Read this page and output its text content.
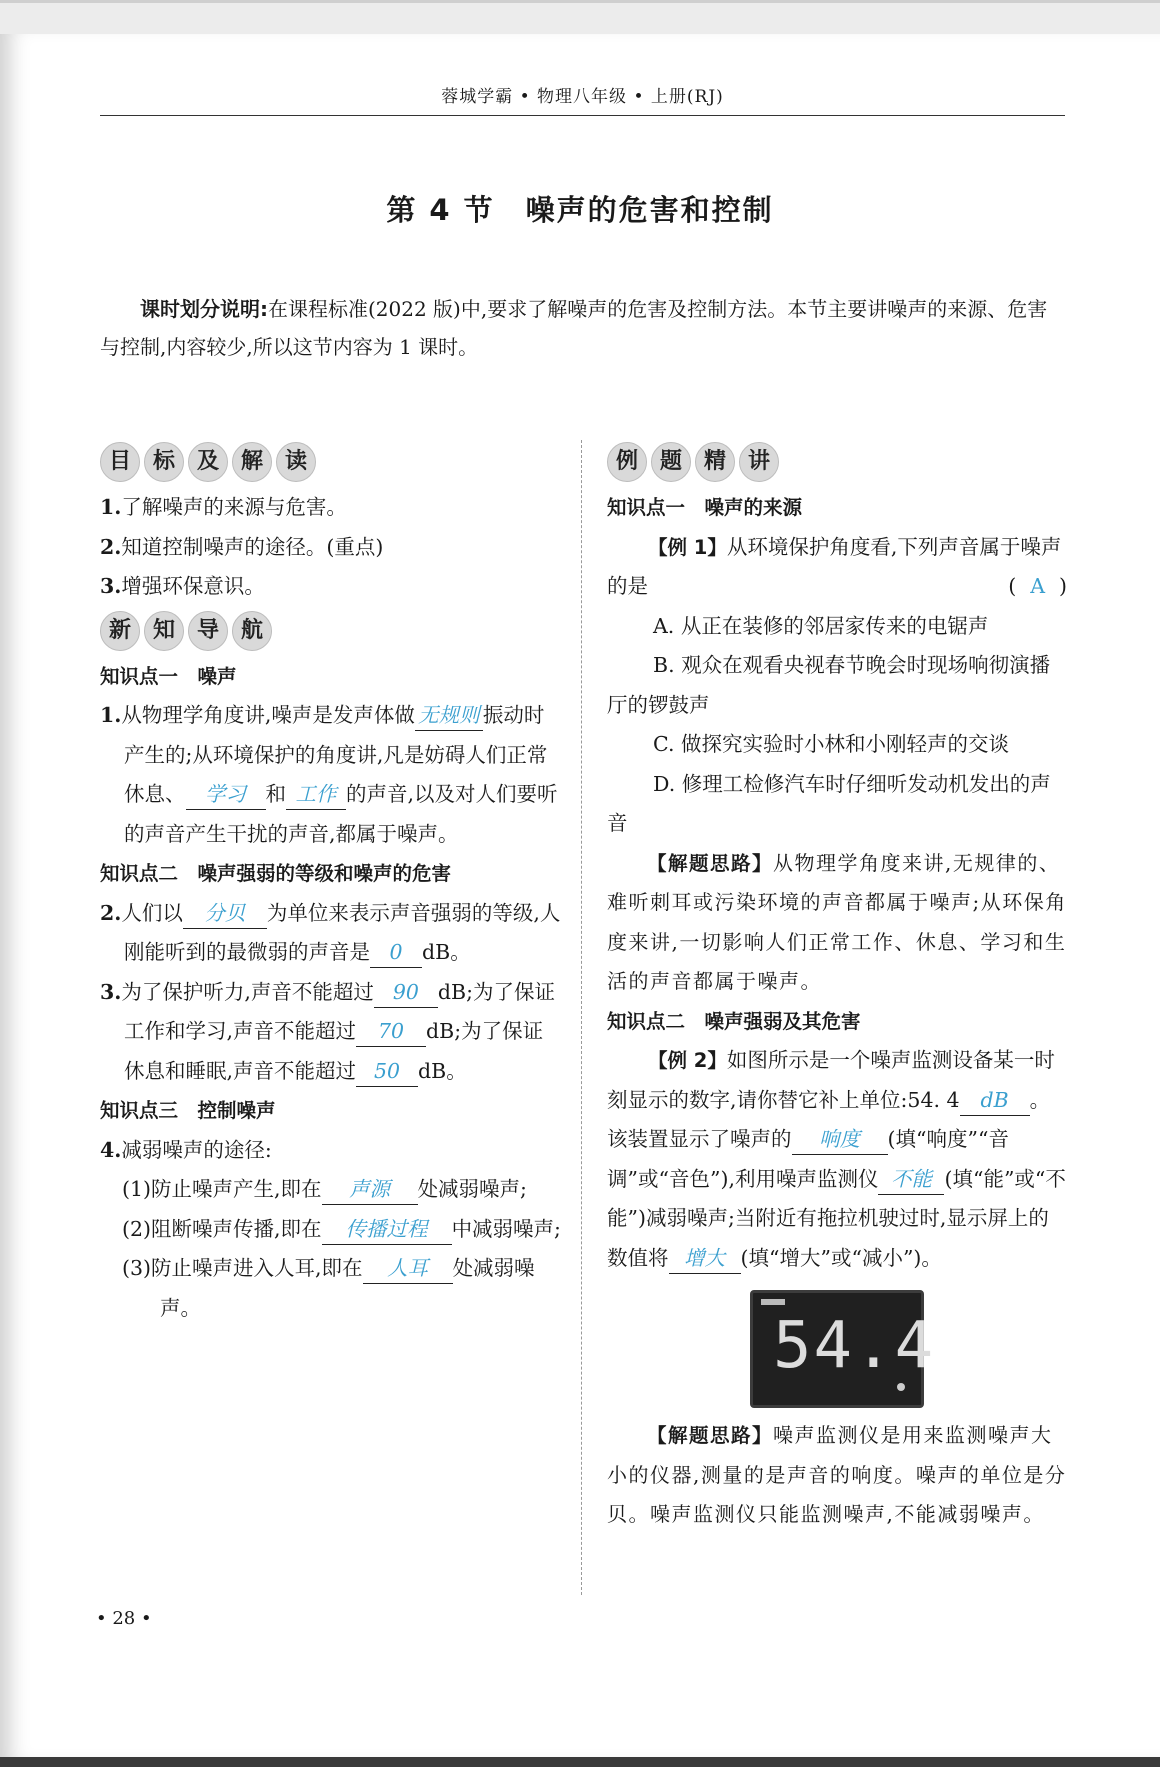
蓉城学霸 • 物理八年级 • 上册(RJ)
第 4 节　噪声的危害和控制
课时划分说明:在课程标准(2022 版)中,要求了解噪声的危害及控制方法。本节主要讲噪声的来源、危害与控制,内容较少,所以这节内容为 1 课时。
目 标 及 解 读
1.了解噪声的来源与危害。
2.知道控制噪声的途径。(重点)
3.增强环保意识。
新 知 导 航
知识点一　噪声
1.从物理学角度讲,噪声是发声体做 无规则 振动时产生的;从环境保护的角度讲,凡是妨碍人们正常休息、 学习 和 工作 的声音,以及对人们要听的声音产生干扰的声音,都属于噪声。
知识点二　噪声强弱的等级和噪声的危害
2.人们以 分贝 为单位来表示声音强弱的等级,人刚能听到的最微弱的声音是 0 dB。
3.为了保护听力,声音不能超过 90 dB;为了保证工作和学习,声音不能超过 70 dB;为了保证休息和睡眠,声音不能超过 50 dB。
知识点三　控制噪声
4.减弱噪声的途径:
(1)防止噪声产生,即在 声源 处减弱噪声;
(2)阻断噪声传播,即在 传播过程 中减弱噪声;
(3)防止噪声进入人耳,即在 人耳 处减弱噪声。
例 题 精 讲
知识点一　噪声的来源
【例 1】从环境保护角度看,下列声音属于噪声的是	( A )
A. 从正在装修的邻居家传来的电锯声
B. 观众在观看央视春节晚会时现场响彻演播厅的锣鼓声
C. 做探究实验时小林和小刚轻声的交谈
D. 修理工检修汽车时仔细听发动机发出的声音
【解题思路】从物理学角度来讲,无规律的、难听刺耳或污染环境的声音都属于噪声;从环保角度来讲,一切影响人们正常工作、休息、学习和生活的声音都属于噪声。
知识点二　噪声强弱及其危害
【例 2】如图所示是一个噪声监测设备某一时刻显示的数字,请你替它补上单位:54. 4 dB 。该装置显示了噪声的 响度 (填“响度”“音调”或“音色”),利用噪声监测仪 不能 (填“能”或“不能”)减弱噪声;当附近有拖拉机驶过时,显示屏上的数值将 增大 (填“增大”或“减小”)。
54.4
【解题思路】噪声监测仪是用来监测噪声大小的仪器,测量的是声音的响度。噪声的单位是分贝。噪声监测仪只能监测噪声,不能减弱噪声。
• 28 •
